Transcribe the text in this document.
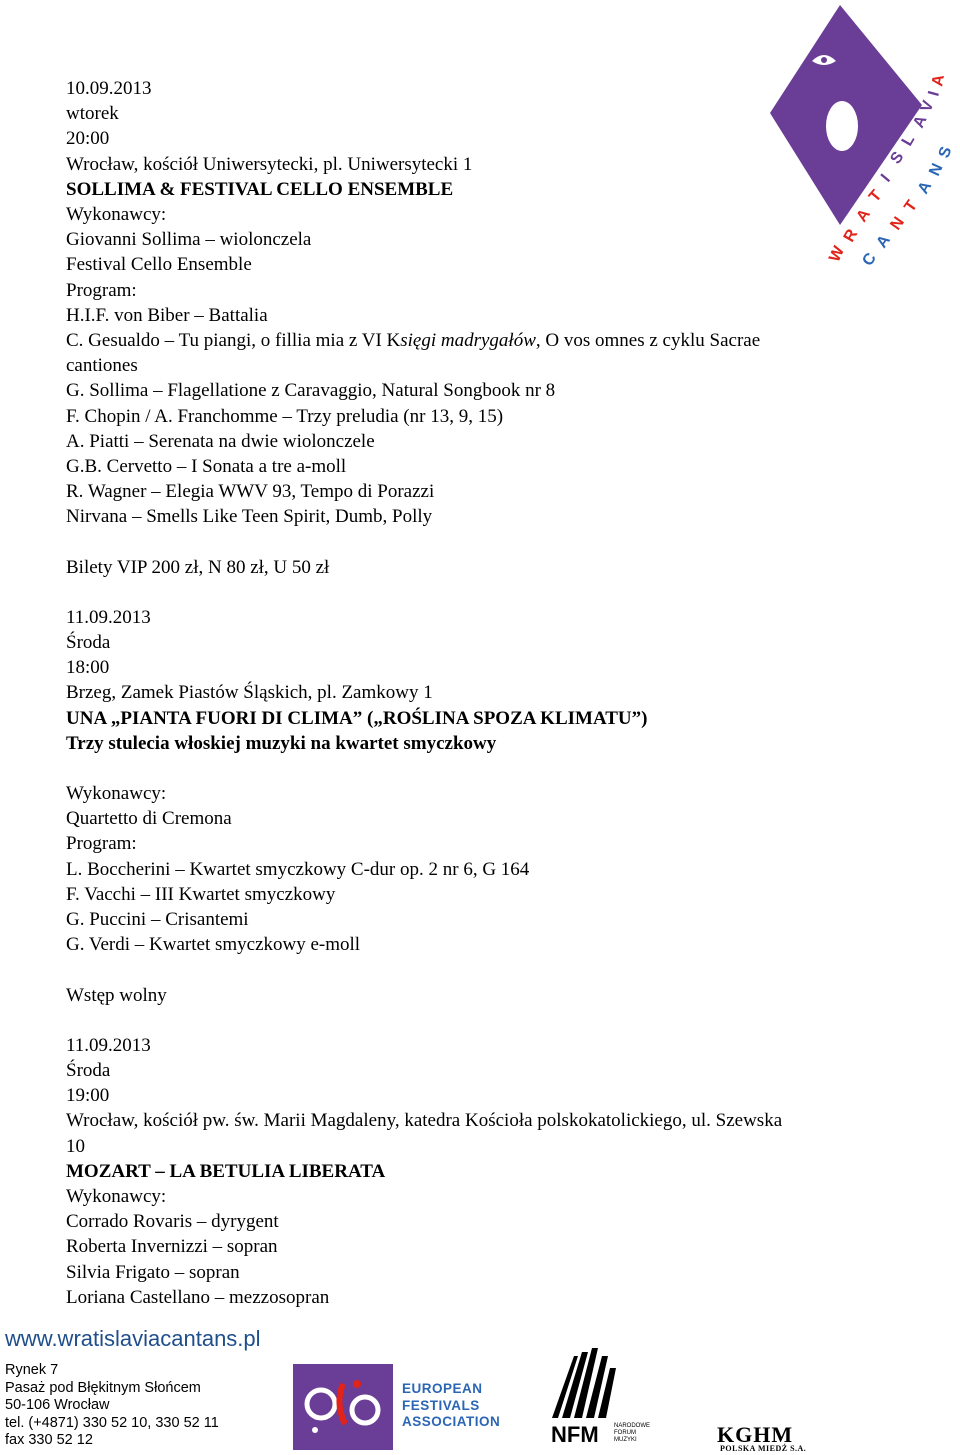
10.09.2013
wtorek
20:00
Wrocław, kościół Uniwersytecki, pl. Uniwersytecki 1
SOLLIMA & FESTIVAL CELLO ENSEMBLE
Wykonawcy:
Giovanni Sollima – wiolonczela
Festival Cello Ensemble
Program:
H.I.F. von Biber – Battalia
C. Gesualdo – Tu piangi, o fillia mia z VI Księgi madrygałów, O vos omnes z cyklu Sacrae
cantiones
G. Sollima – Flagellatione z Caravaggio, Natural Songbook nr 8
F. Chopin / A. Franchomme – Trzy preludia (nr 13, 9, 15)
A. Piatti – Serenata na dwie wiolonczele
G.B. Cervetto – I Sonata a tre a-moll
R. Wagner – Elegia WWV 93, Tempo di Porazzi
Nirvana – Smells Like Teen Spirit, Dumb, Polly
Bilety VIP 200 zł, N 80 zł, U 50 zł
11.09.2013
Środa
18:00
Brzeg, Zamek Piastów Śląskich, pl. Zamkowy 1
UNA „PIANTA FUORI DI CLIMA” („ROŚLINA SPOZA KLIMATU”)
Trzy stulecia włoskiej muzyki na kwartet smyczkowy
Wykonawcy:
Quartetto di Cremona
Program:
L. Boccherini – Kwartet smyczkowy C-dur op. 2 nr 6, G 164
F. Vacchi – III Kwartet smyczkowy
G. Puccini – Crisantemi
G. Verdi – Kwartet smyczkowy e-moll
Wstęp wolny
11.09.2013
Środa
19:00
Wrocław, kościół pw. św. Marii Magdaleny, katedra Kościoła polskokatolickiego, ul. Szewska
10
MOZART – LA BETULIA LIBERATA
Wykonawcy:
Corrado Rovaris – dyrygent
Roberta Invernizzi – sopran
Silvia Frigato – sopran
Loriana Castellano – mezzosopran
W
R
A
T
I
S
L
A
V
I
A
C
A
N
T
A
N
S
www.wratislaviacantans.pl
Rynek 7
Pasaż pod Błękitnym Słońcem
50-106 Wrocław
tel. (+4871) 330 52 10, 330 52 11
fax 330 52 12
EUROPEAN
FESTIVALS
ASSOCIATION
NFM	NARODOWE
FORUM
MUZYKI	KGHM
POLSKA MIEDŹ S.A.
